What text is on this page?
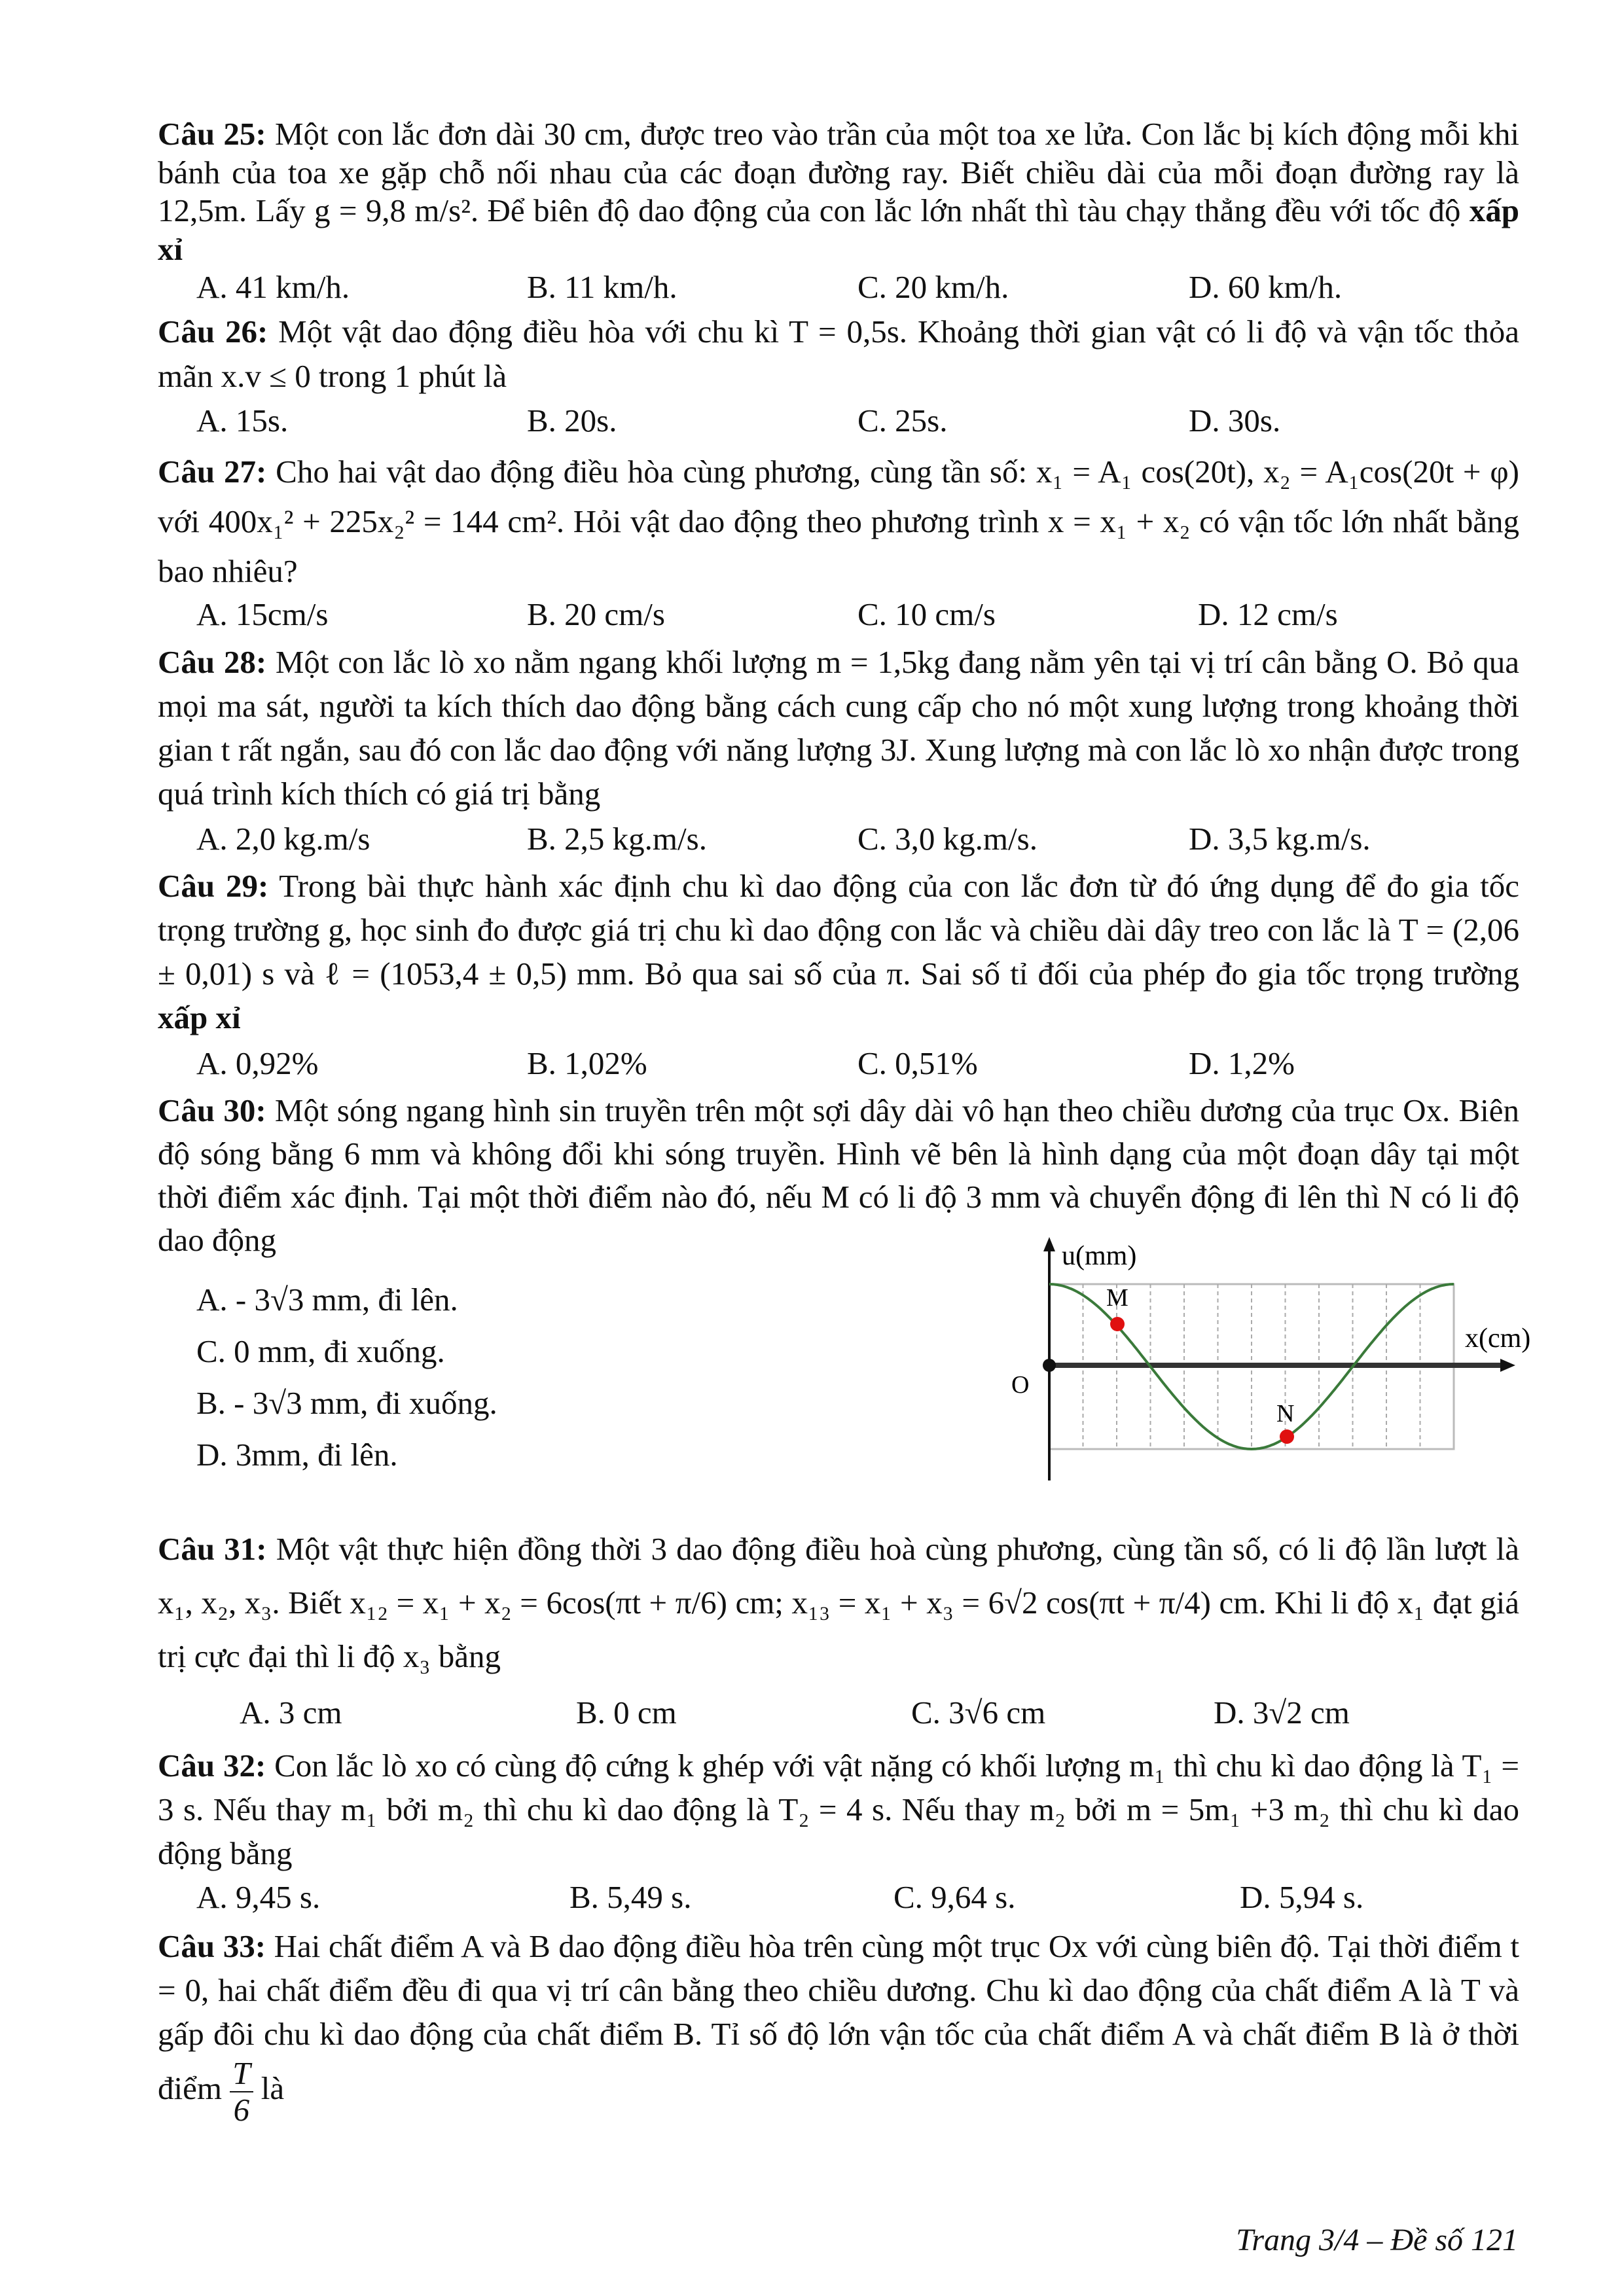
Câu 25: Một con lắc đơn dài 30 cm, được treo vào trần của một toa xe lửa. Con lắc bị kích động mỗi khi bánh của toa xe gặp chỗ nối nhau của các đoạn đường ray. Biết chiều dài của mỗi đoạn đường ray là 12,5m. Lấy g = 9,8 m/s². Để biên độ dao động của con lắc lớn nhất thì tàu chạy thẳng đều với tốc độ xấp xỉ
A. 41 km/h.	B. 11 km/h.	C. 20 km/h.	D. 60 km/h.
Câu 26: Một vật dao động điều hòa với chu kì T = 0,5s. Khoảng thời gian vật có li độ và vận tốc thỏa mãn x.v ≤ 0 trong 1 phút là
A. 15s.	B. 20s.	C. 25s.	D. 30s.
Câu 27: Cho hai vật dao động điều hòa cùng phương, cùng tần số: x₁ = A₁ cos(20t), x₂ = A₁cos(20t + φ) với 400x₁² + 225x₂² = 144 cm². Hỏi vật dao động theo phương trình x = x₁ + x₂ có vận tốc lớn nhất bằng bao nhiêu?
A. 15cm/s	B. 20 cm/s	C. 10 cm/s	D. 12 cm/s
Câu 28: Một con lắc lò xo nằm ngang khối lượng m = 1,5kg đang nằm yên tại vị trí cân bằng O. Bỏ qua mọi ma sát, người ta kích thích dao động bằng cách cung cấp cho nó một xung lượng trong khoảng thời gian t rất ngắn, sau đó con lắc dao động với năng lượng 3J. Xung lượng mà con lắc lò xo nhận được trong quá trình kích thích có giá trị bằng
A. 2,0 kg.m/s	B. 2,5 kg.m/s.	C. 3,0 kg.m/s.	D. 3,5 kg.m/s.
Câu 29: Trong bài thực hành xác định chu kì dao động của con lắc đơn từ đó ứng dụng để đo gia tốc trọng trường g, học sinh đo được giá trị chu kì dao động con lắc và chiều dài dây treo con lắc là T = (2,06 ± 0,01) s và ℓ = (1053,4 ± 0,5) mm. Bỏ qua sai số của π. Sai số tỉ đối của phép đo gia tốc trọng trường xấp xỉ
A. 0,92%	B. 1,02%	C. 0,51%	D. 1,2%
Câu 30: Một sóng ngang hình sin truyền trên một sợi dây dài vô hạn theo chiều dương của trục Ox. Biên độ sóng bằng 6 mm và không đổi khi sóng truyền. Hình vẽ bên là hình dạng của một đoạn dây tại một thời điểm xác định. Tại một thời điểm nào đó, nếu M có li độ 3 mm và chuyển động đi lên thì N có li độ dao động
A. - 3√3 mm, đi lên.
C. 0 mm, đi xuống.
B. - 3√3 mm, đi xuống.
D. 3mm, đi lên.
u(mm)
x(cm)
O
M
N
Câu 31: Một vật thực hiện đồng thời 3 dao động điều hoà cùng phương, cùng tần số, có li độ lần lượt là x₁, x₂, x₃. Biết x₁₂ = x₁ + x₂ = 6cos(πt + π/6) cm; x₁₃ = x₁ + x₃ = 6√2 cos(πt + π/4) cm. Khi li độ x₁ đạt giá trị cực đại thì li độ x₃ bằng
A. 3 cm	B. 0 cm	C. 3√6 cm	D. 3√2 cm
Câu 32: Con lắc lò xo có cùng độ cứng k ghép với vật nặng có khối lượng m₁ thì chu kì dao động là T₁ = 3 s. Nếu thay m₁ bởi m₂ thì chu kì dao động là T₂ = 4 s. Nếu thay m₂ bởi m = 5m₁ +3 m₂ thì chu kì dao động bằng
A. 9,45 s.	B. 5,49 s.	C. 9,64 s.	D. 5,94 s.
Câu 33: Hai chất điểm A và B dao động điều hòa trên cùng một trục Ox với cùng biên độ. Tại thời điểm t = 0, hai chất điểm đều đi qua vị trí cân bằng theo chiều dương. Chu kì dao động của chất điểm A là T và gấp đôi chu kì dao động của chất điểm B. Tỉ số độ lớn vận tốc của chất điểm A và chất điểm B là ở thời điểm $\frac{T}{6}$ là
Trang 3/4 – Đề số 121
